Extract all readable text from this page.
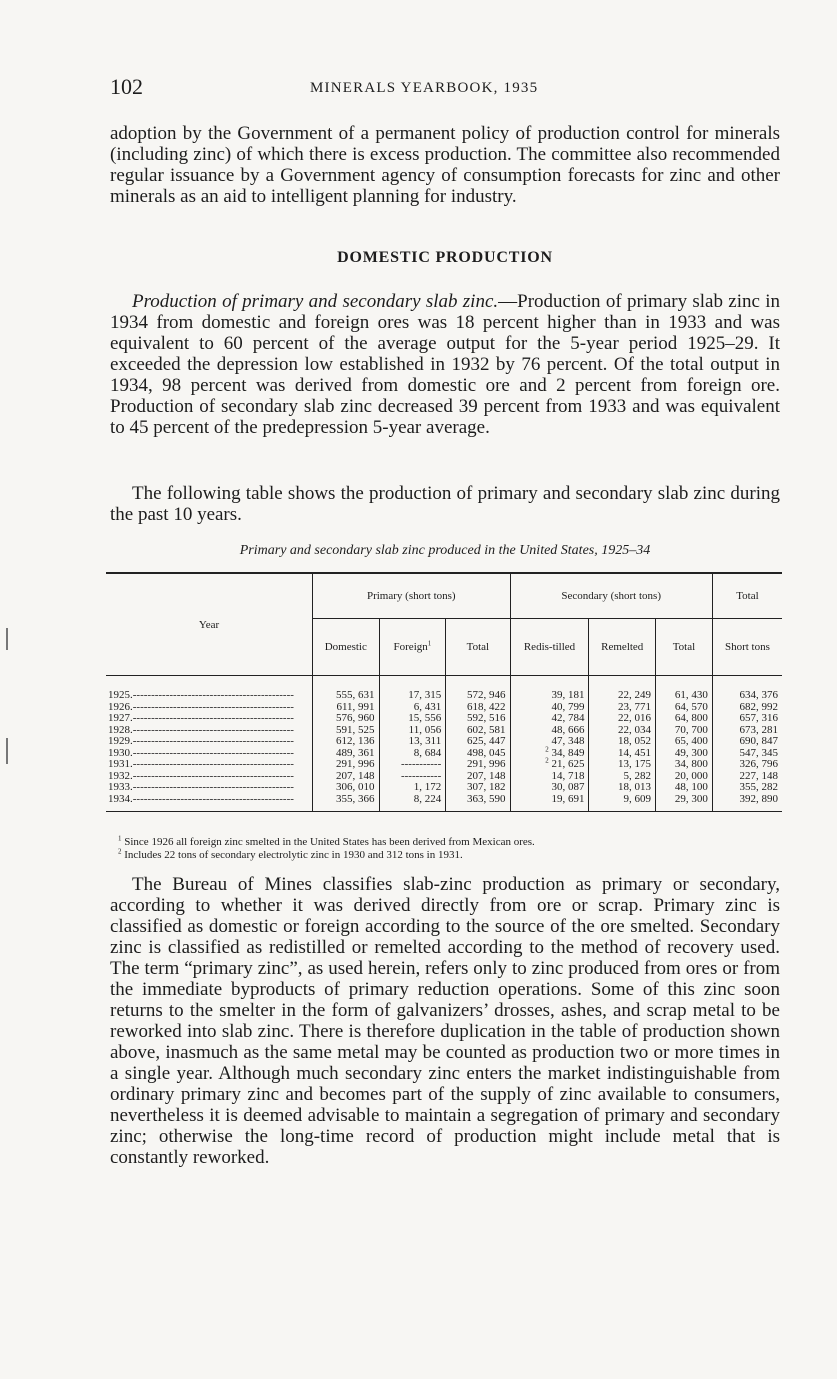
102	MINERALS YEARBOOK, 1935

adoption by the Government of a permanent policy of production control for minerals (including zinc) of which there is excess production. The committee also recommended regular issuance by a Government agency of consumption forecasts for zinc and other minerals as an aid to intelligent planning for industry.

DOMESTIC PRODUCTION

Production of primary and secondary slab zinc.—Production of primary slab zinc in 1934 from domestic and foreign ores was 18 percent higher than in 1933 and was equivalent to 60 percent of the average output for the 5-year period 1925–29. It exceeded the depression low established in 1932 by 76 percent. Of the total output in 1934, 98 percent was derived from domestic ore and 2 percent from foreign ore. Production of secondary slab zinc decreased 39 percent from 1933 and was equivalent to 45 percent of the predepression 5-year average.

The following table shows the production of primary and secondary slab zinc during the past 10 years.

Primary and secondary slab zinc produced in the United States, 1925–34
Year	Primary (short tons)			Secondary (short tons)			Total
	Domestic	Foreign$^1$	Total	Redis-tilled	Remelted	Total	Short tons
1925.--------------------------------------------	555, 631	17, 315	572, 946	39, 181	22, 249	61, 430	634, 376
1926.--------------------------------------------	611, 991	6, 431	618, 422	40, 799	23, 771	64, 570	682, 992
1927.--------------------------------------------	576, 960	15, 556	592, 516	42, 784	22, 016	64, 800	657, 316
1928.--------------------------------------------	591, 525	11, 056	602, 581	48, 666	22, 034	70, 700	673, 281
1929.--------------------------------------------	612, 136	13, 311	625, 447	47, 348	18, 052	65, 400	690, 847
1930.--------------------------------------------	489, 361	8, 684	498, 045	$^2$ 34, 849	14, 451	49, 300	547, 345
1931.--------------------------------------------	291, 996	-----------	291, 996	$^2$ 21, 625	13, 175	34, 800	326, 796
1932.--------------------------------------------	207, 148	-----------	207, 148	14, 718	5, 282	20, 000	227, 148
1933.--------------------------------------------	306, 010	1, 172	307, 182	30, 087	18, 013	48, 100	355, 282
1934.--------------------------------------------	355, 366	8, 224	363, 590	19, 691	9, 609	29, 300	392, 890
$^1$ Since 1926 all foreign zinc smelted in the United States has been derived from Mexican ores.
$^2$ Includes 22 tons of secondary electrolytic zinc in 1930 and 312 tons in 1931.

The Bureau of Mines classifies slab-zinc production as primary or secondary, according to whether it was derived directly from ore or scrap. Primary zinc is classified as domestic or foreign according to the source of the ore smelted. Secondary zinc is classified as redistilled or remelted according to the method of recovery used. The term “primary zinc”, as used herein, refers only to zinc produced from ores or from the immediate byproducts of primary reduction operations. Some of this zinc soon returns to the smelter in the form of galvanizers’ drosses, ashes, and scrap metal to be reworked into slab zinc. There is therefore duplication in the table of production shown above, inasmuch as the same metal may be counted as production two or more times in a single year. Although much secondary zinc enters the market indistinguishable from ordinary primary zinc and becomes part of the supply of zinc available to consumers, nevertheless it is deemed advisable to maintain a segregation of primary and secondary zinc; otherwise the long-time record of production might include metal that is constantly reworked.
